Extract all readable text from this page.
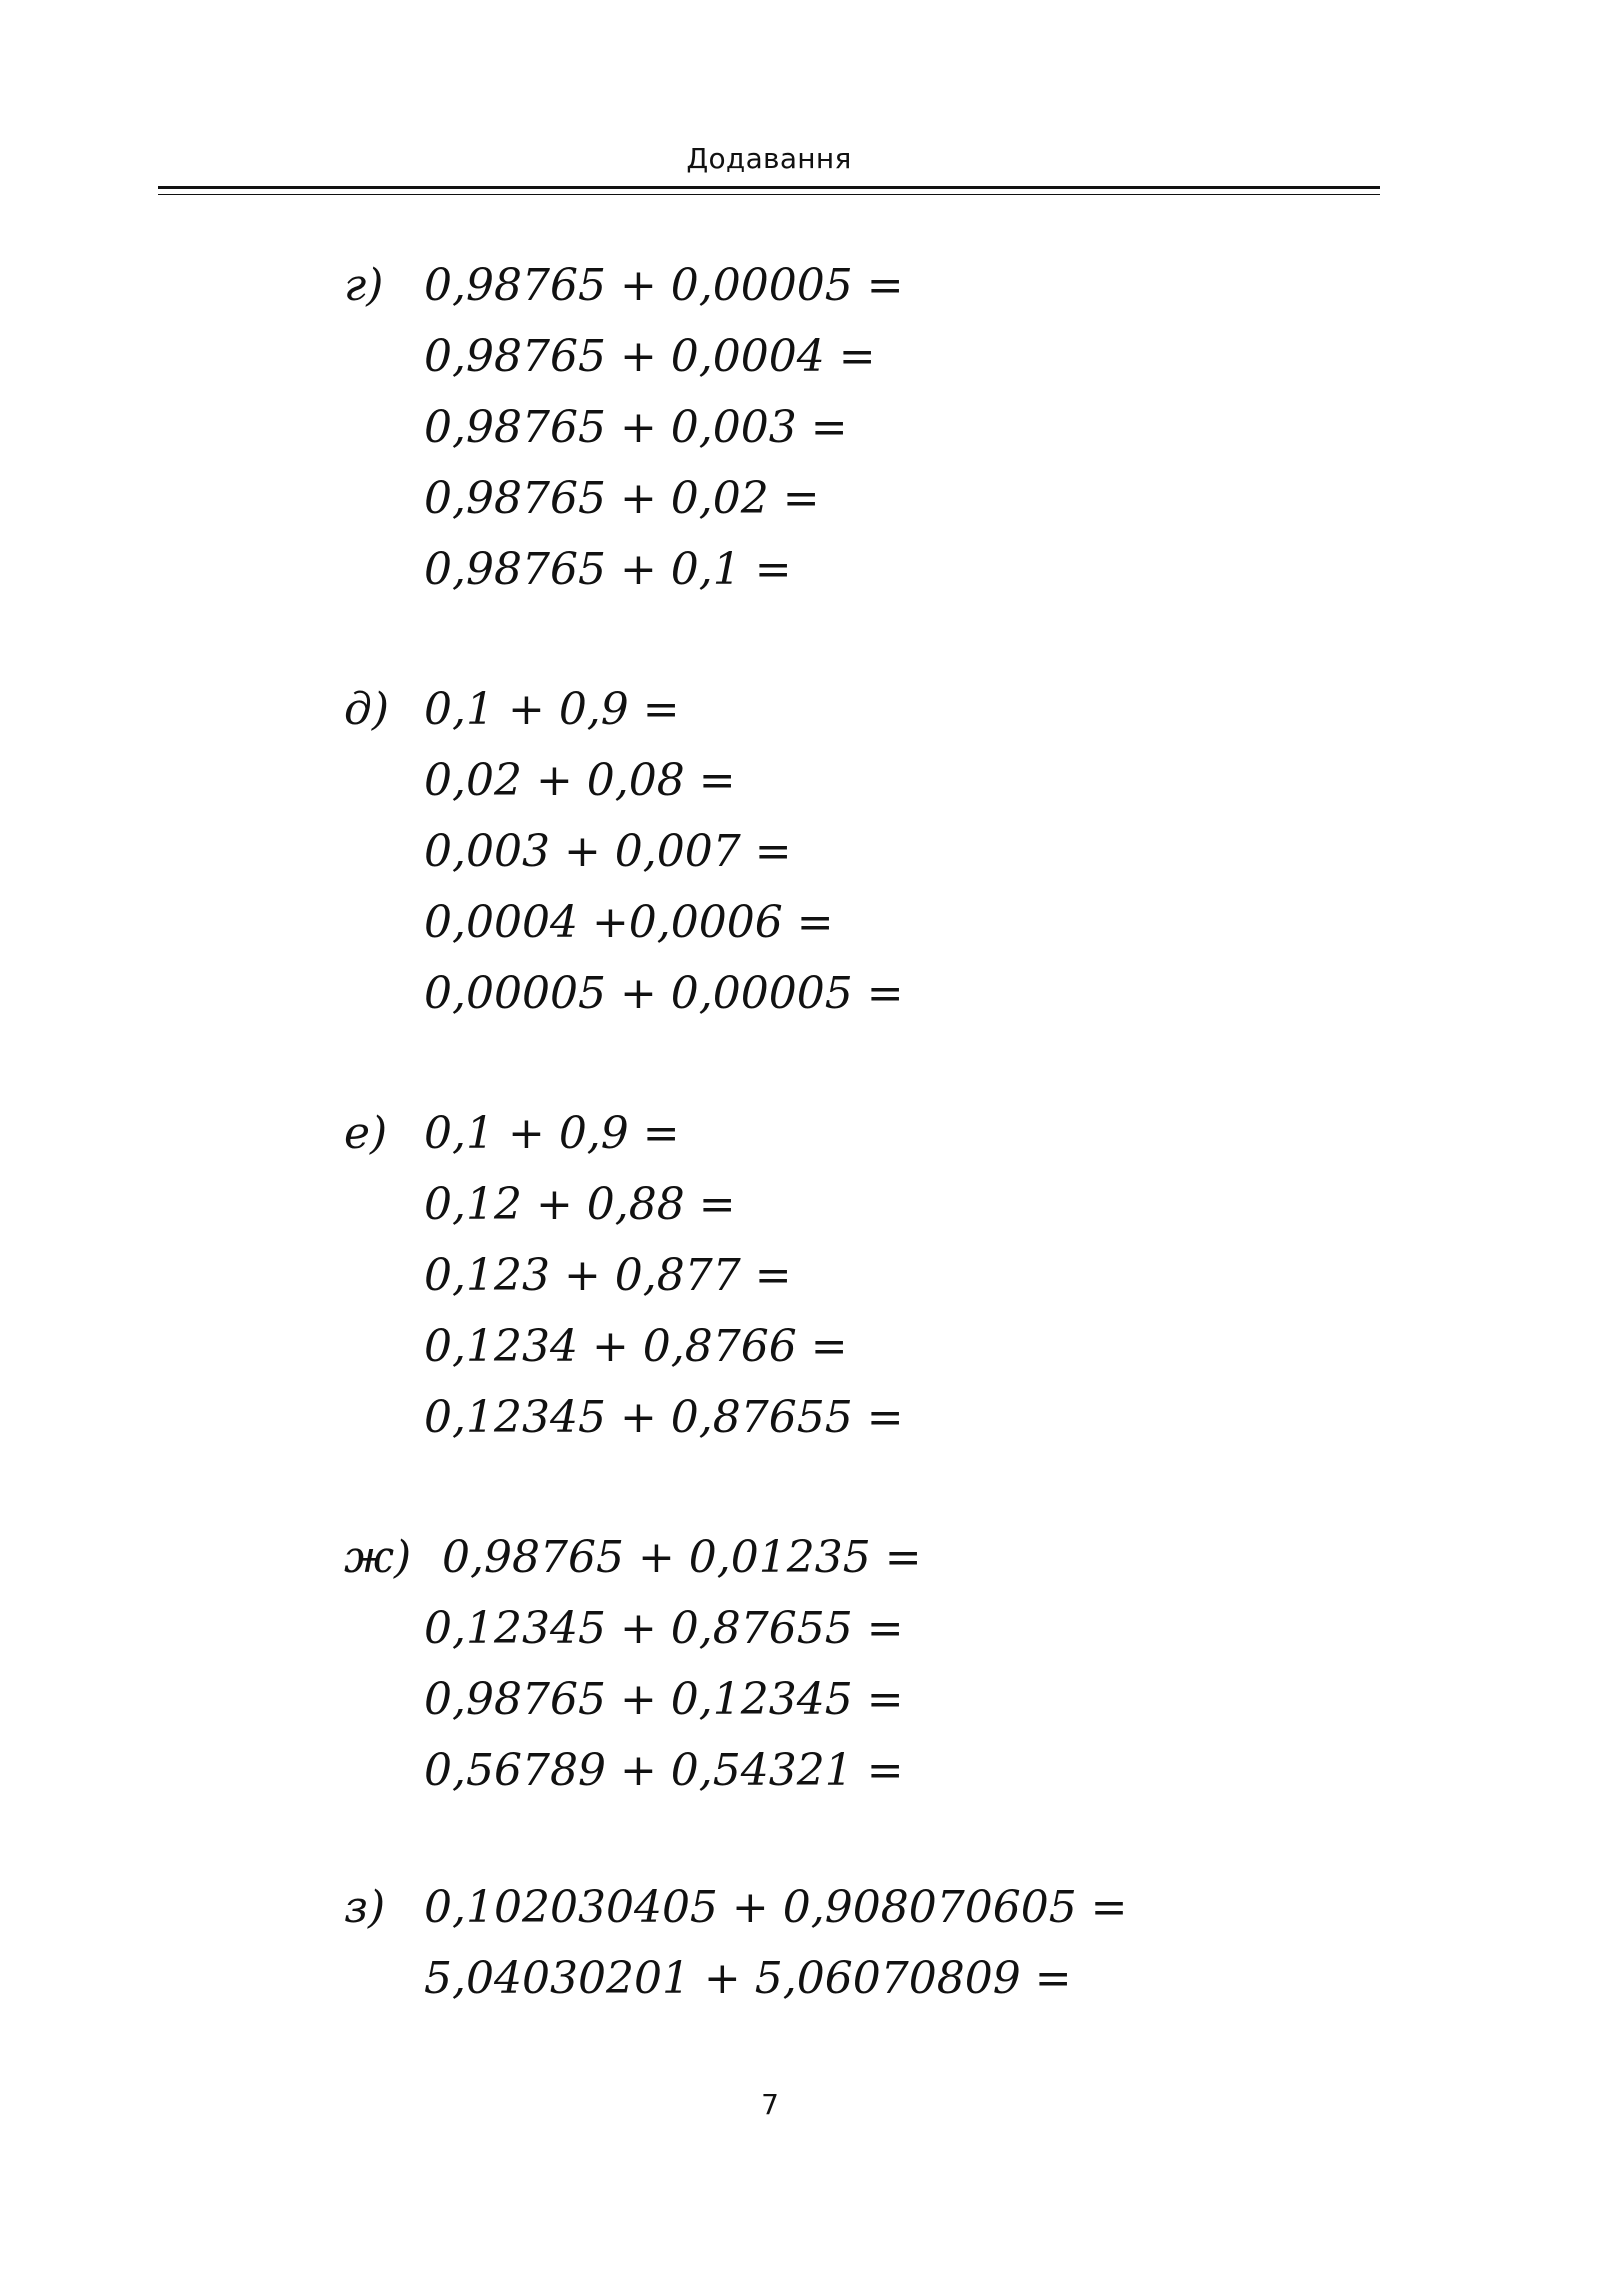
Додавання
г) 0,98765 + 0,00005 =
0,98765 + 0,0004 =
0,98765 + 0,003 =
0,98765 + 0,02 =
0,98765 + 0,1 =
д) 0,1 + 0,9 =
0,02 + 0,08 =
0,003 + 0,007 =
0,0004 +0,0006 =
0,00005 + 0,00005 =
е) 0,1 + 0,9 =
0,12 + 0,88 =
0,123 + 0,877 =
0,1234 + 0,8766 =
0,12345 + 0,87655 =
ж) 0,98765 + 0,01235 =
0,12345 + 0,87655 =
0,98765 + 0,12345 =
0,56789 + 0,54321 =
з) 0,102030405 + 0,908070605 =
5,04030201 + 5,06070809 =
7
